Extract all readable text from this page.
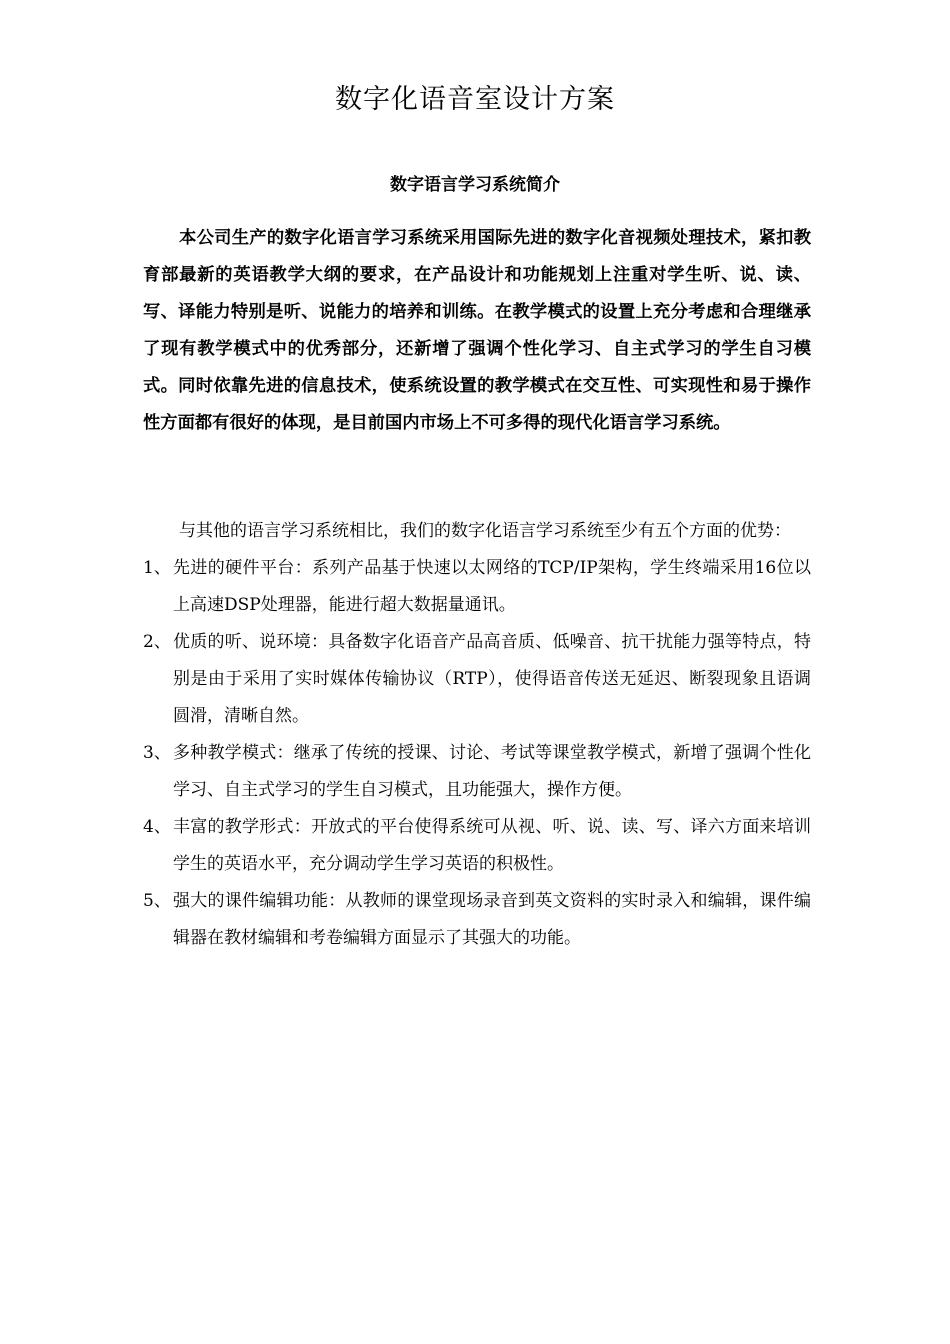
数字化语音室设计方案
数字语言学习系统简介

本公司生产的数字化语言学习系统采用国际先进的数字化音视频处理技术，紧扣教育部最新的英语教学大纲的要求，在产品设计和功能规划上注重对学生听、说、读、写、译能力特别是听、说能力的培养和训练。在教学模式的设置上充分考虑和合理继承了现有教学模式中的优秀部分，还新增了强调个性化学习、自主式学习的学生自习模式。同时依靠先进的信息技术，使系统设置的教学模式在交互性、可实现性和易于操作性方面都有很好的体现，是目前国内市场上不可多得的现代化语言学习系统。

与其他的语言学习系统相比，我们的数字化语言学习系统至少有五个方面的优势：

1、 先进的硬件平台：系列产品基于快速以太网络的TCP/IP架构，学生终端采用16位以上高速DSP处理器，能进行超大数据量通讯。
2、 优质的听、说环境：具备数字化语音产品高音质、低噪音、抗干扰能力强等特点，特别是由于采用了实时媒体传输协议（RTP），使得语音传送无延迟、断裂现象且语调圆滑，清晰自然。
3、 多种教学模式：继承了传统的授课、讨论、考试等课堂教学模式，新增了强调个性化学习、自主式学习的学生自习模式，且功能强大，操作方便。
4、 丰富的教学形式：开放式的平台使得系统可从视、听、说、读、写、译六方面来培训学生的英语水平，充分调动学生学习英语的积极性。
5、 强大的课件编辑功能：从教师的课堂现场录音到英文资料的实时录入和编辑，课件编辑器在教材编辑和考卷编辑方面显示了其强大的功能。
